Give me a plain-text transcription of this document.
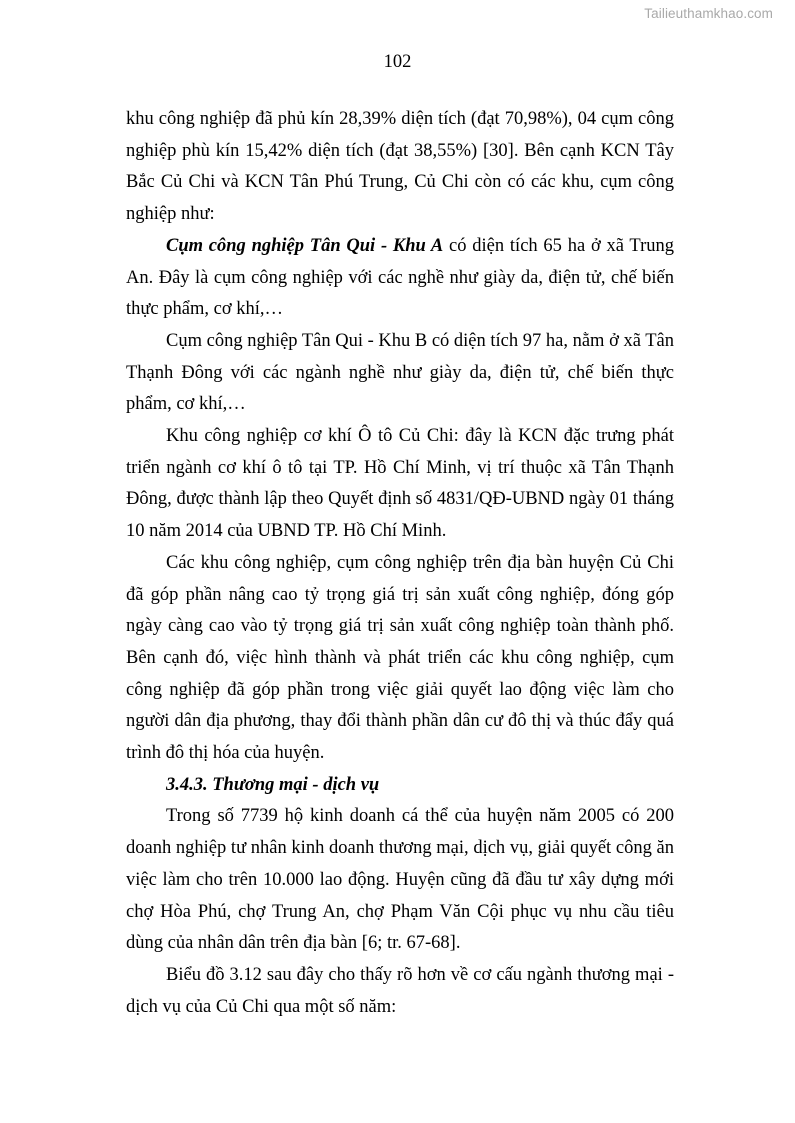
Tailieuthamkhao.com
102

khu công nghiệp đã phủ kín 28,39% diện tích (đạt 70,98%), 04 cụm công nghiệp phù kín 15,42% diện tích (đạt 38,55%) [30]. Bên cạnh KCN Tây Bắc Củ Chi và KCN Tân Phú Trung, Củ Chi còn có các khu, cụm công nghiệp như:

Cụm công nghiệp Tân Qui - Khu A có diện tích 65 ha ở xã Trung An. Đây là cụm công nghiệp với các nghề như giày da, điện tử, chế biến thực phẩm, cơ khí,…

Cụm công nghiệp Tân Qui - Khu B có diện tích 97 ha, nằm ở xã Tân Thạnh Đông với các ngành nghề như giày da, điện tử, chế biến thực phẩm, cơ khí,…

Khu công nghiệp cơ khí Ô tô Củ Chi: đây là KCN đặc trưng phát triển ngành cơ khí ô tô tại TP. Hồ Chí Minh, vị trí thuộc xã Tân Thạnh Đông, được thành lập theo Quyết định số 4831/QĐ-UBND ngày 01 tháng 10 năm 2014 của UBND TP. Hồ Chí Minh.

Các khu công nghiệp, cụm công nghiệp trên địa bàn huyện Củ Chi đã góp phần nâng cao tỷ trọng giá trị sản xuất công nghiệp, đóng góp ngày càng cao vào tỷ trọng giá trị sản xuất công nghiệp toàn thành phố. Bên cạnh đó, việc hình thành và phát triển các khu công nghiệp, cụm công nghiệp đã góp phần trong việc giải quyết lao động việc làm cho người dân địa phương, thay đổi thành phần dân cư đô thị và thúc đẩy quá trình đô thị hóa của huyện.

3.4.3. Thương mại - dịch vụ

Trong số 7739 hộ kinh doanh cá thể của huyện năm 2005 có 200 doanh nghiệp tư nhân kinh doanh thương mại, dịch vụ, giải quyết công ăn việc làm cho trên 10.000 lao động. Huyện cũng đã đầu tư xây dựng mới chợ Hòa Phú, chợ Trung An, chợ Phạm Văn Cội phục vụ nhu cầu tiêu dùng của nhân dân trên địa bàn [6; tr. 67-68].

Biểu đồ 3.12 sau đây cho thấy rõ hơn về cơ cấu ngành thương mại - dịch vụ của Củ Chi qua một số năm:
